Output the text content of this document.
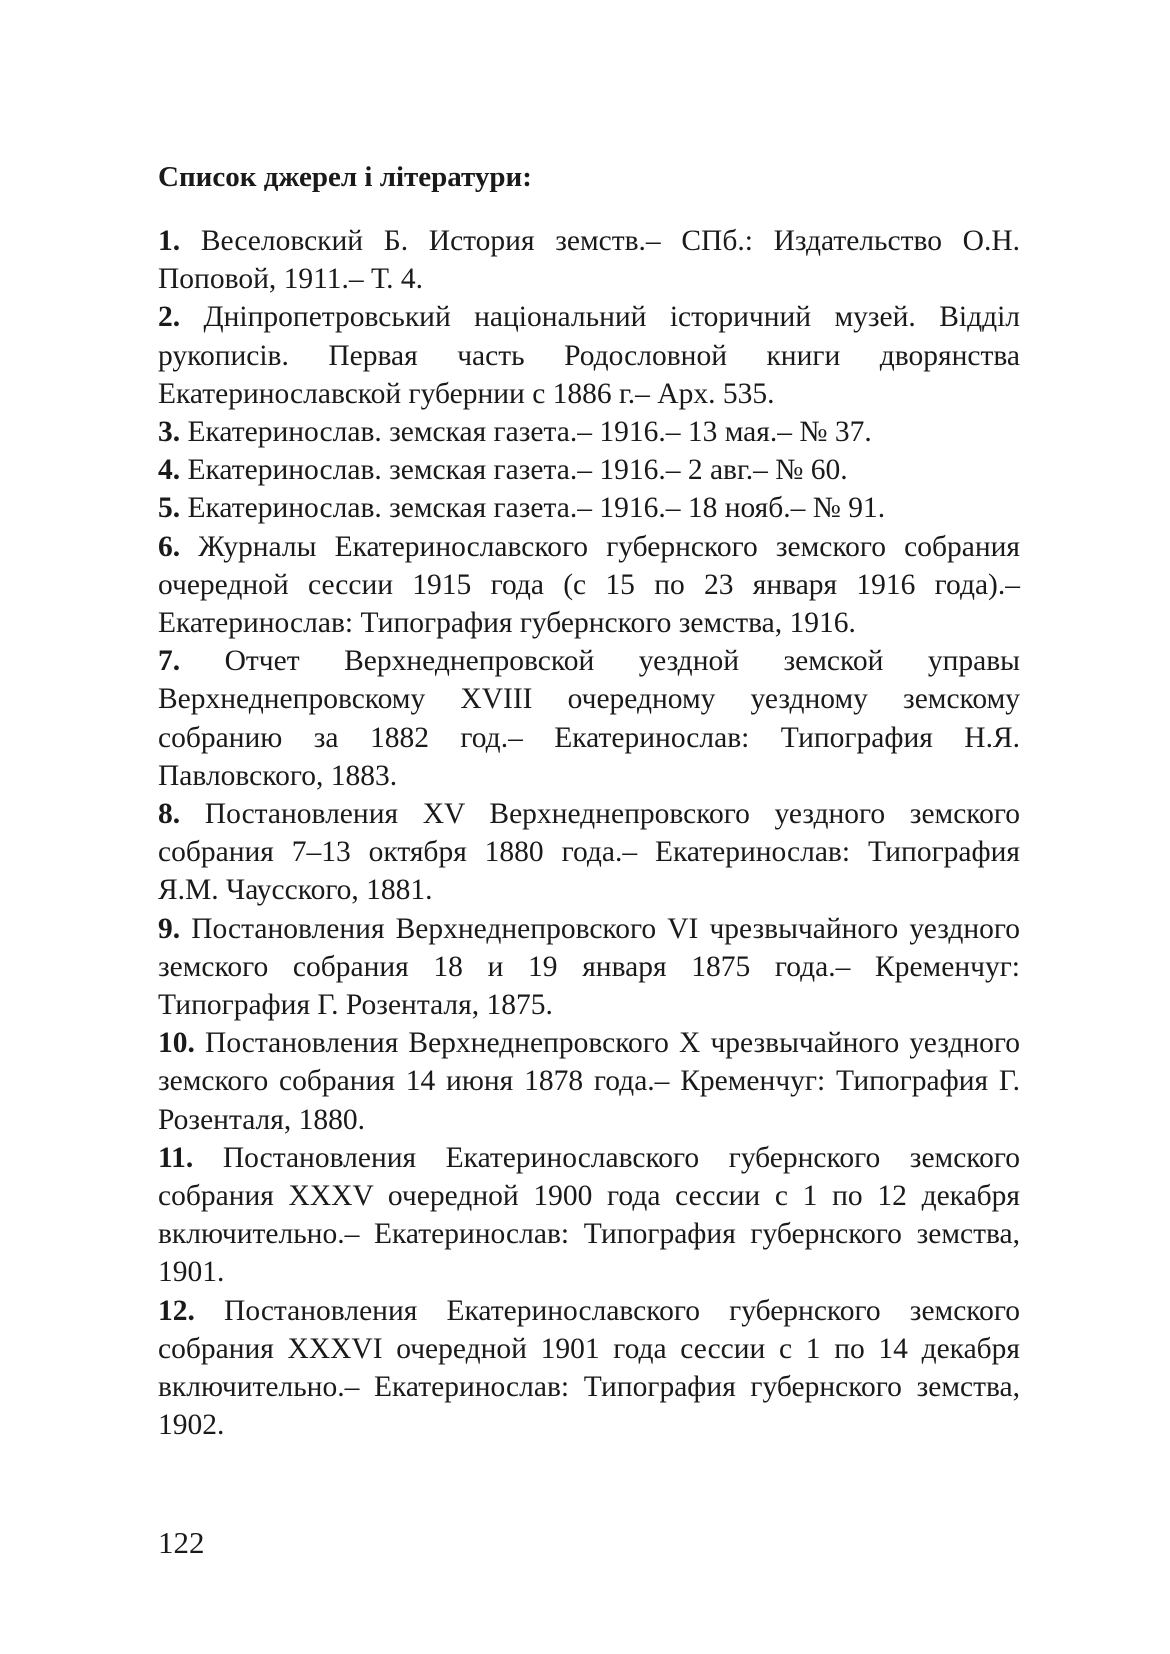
Список джерел і літератури:
1. Веселовский Б. История земств.– СПб.: Издательство О.Н. Поповой, 1911.– Т. 4.
2. Дніпропетровський національний історичний музей. Відділ рукописів. Первая часть Родословной книги дворянства Екатеринославской губернии с 1886 г.– Арх. 535.
3. Екатеринослав. земская газета.– 1916.– 13 мая.– № 37.
4. Екатеринослав. земская газета.– 1916.– 2 авг.– № 60.
5. Екатеринослав. земская газета.– 1916.– 18 нояб.– № 91.
6. Журналы Екатеринославского губернского земского собрания очередной сессии 1915 года (с 15 по 23 января 1916 года).– Екатеринослав: Типография губернского земства, 1916.
7. Отчет Верхнеднепровской уездной земской управы Верхнеднепровскому XVIII очередному уездному земскому собранию за 1882 год.– Екатеринослав: Типография Н.Я. Павловского, 1883.
8. Постановления XV Верхнеднепровского уездного земского собрания 7–13 октября 1880 года.– Екатеринослав: Типография Я.М. Чаусского, 1881.
9. Постановления Верхнеднепровского VI чрезвычайного уездного земского собрания 18 и 19 января 1875 года.– Кременчуг: Типография Г. Розенталя, 1875.
10. Постановления Верхнеднепровского X чрезвычайного уездного земского собрания 14 июня 1878 года.– Кременчуг: Типография Г. Розенталя, 1880.
11. Постановления Екатеринославского губернского земского собрания XXXV очередной 1900 года сессии с 1 по 12 декабря включительно.– Екатеринослав: Типография губернского земства, 1901.
12. Постановления Екатеринославского губернского земского собрания XXXVI очередной 1901 года сессии с 1 по 14 декабря включительно.– Екатеринослав: Типография губернского земства, 1902.
122
